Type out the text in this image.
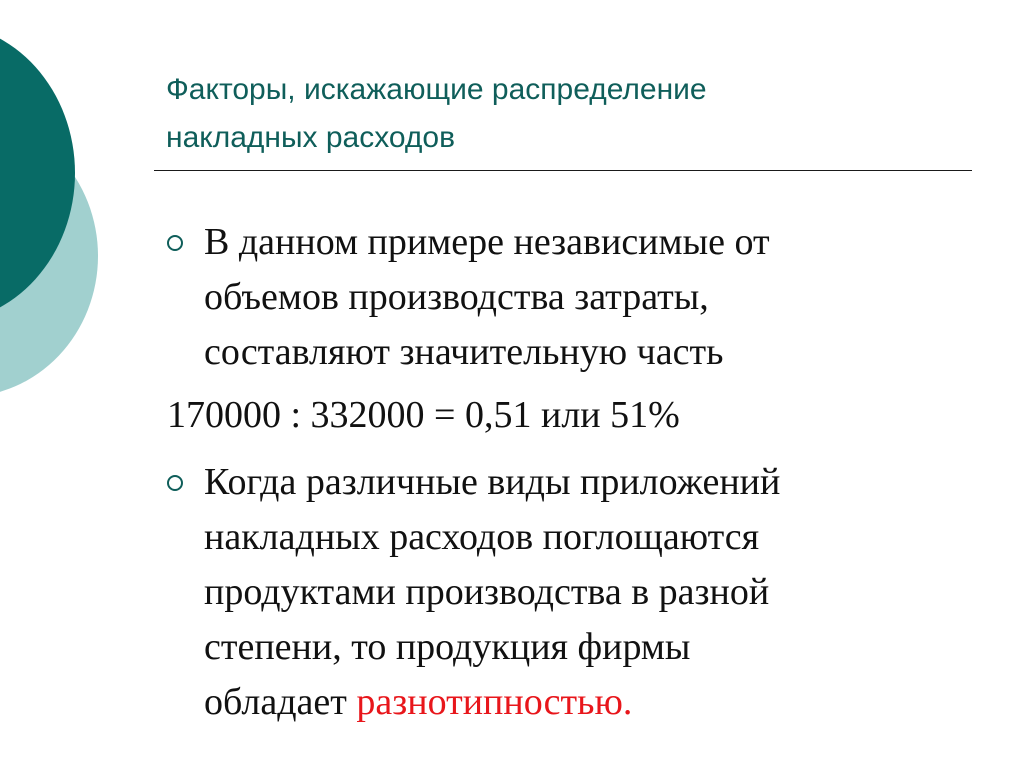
Факторы, искажающие распределение
накладных расходов

В данном примере независимые от
объемов производства затраты,
составляют значительную часть

170000 : 332000 = 0,51 или 51%

Когда различные виды приложений
накладных расходов поглощаются
продуктами производства в разной
степени, то продукция фирмы
обладает разнотипностью.
